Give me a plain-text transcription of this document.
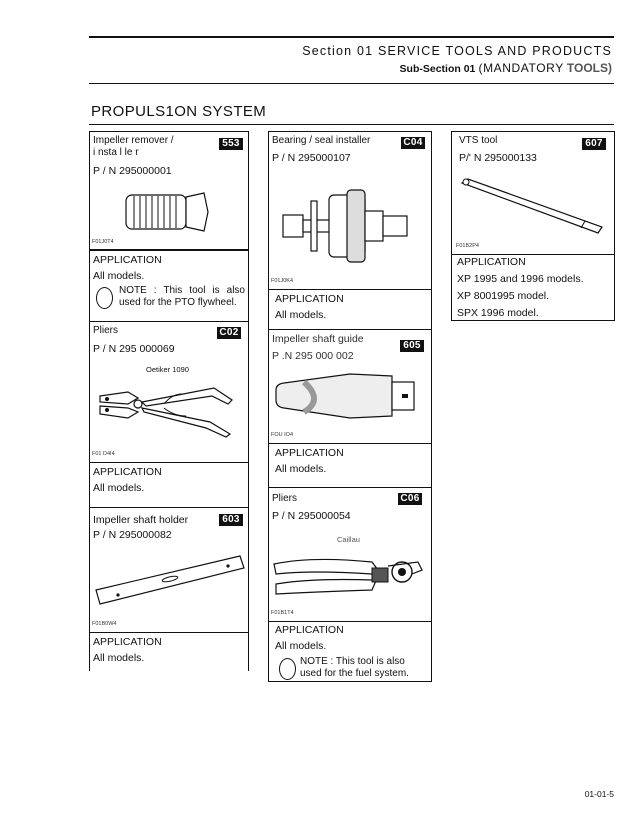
Section 01 SERVICE TOOLS AND PRODUCTS
Sub-Section 01 (MANDATORY TOOLS)
PROPULS1ON SYSTEM
Impeller remover /
i nsta l le r
553
P / N 295000001
F01J0T4
APPLICATION
All models.
NOTE : This tool is also used for the PTO flywheel.
Bearing / seal installer	C04
P / N 295000107
F01J0K4
APPLICATION
All models.
VTS tool	607
P/' N 295000133
F01B2P4
APPLICATION
XP 1995 and 1996 models.
XP 8001995 model.
SPX 1996 model.
Pliers	C02
P / N 295 000069
Oetiker 1090
F01 D4I4
APPLICATION
All models.
Impeller shaft guide
605
P .N 295 000 002
FOU IO4
APPLICATION
All models.
Pliers	C06
P / N 295000054
Caillau
F01B1T4
APPLICATION
All models.
NOTE : This tool is also used for the fuel system.
Impeller shaft holder	603
P / N 295000082
F01B0W4
APPLICATION
All models.
01-01-5
